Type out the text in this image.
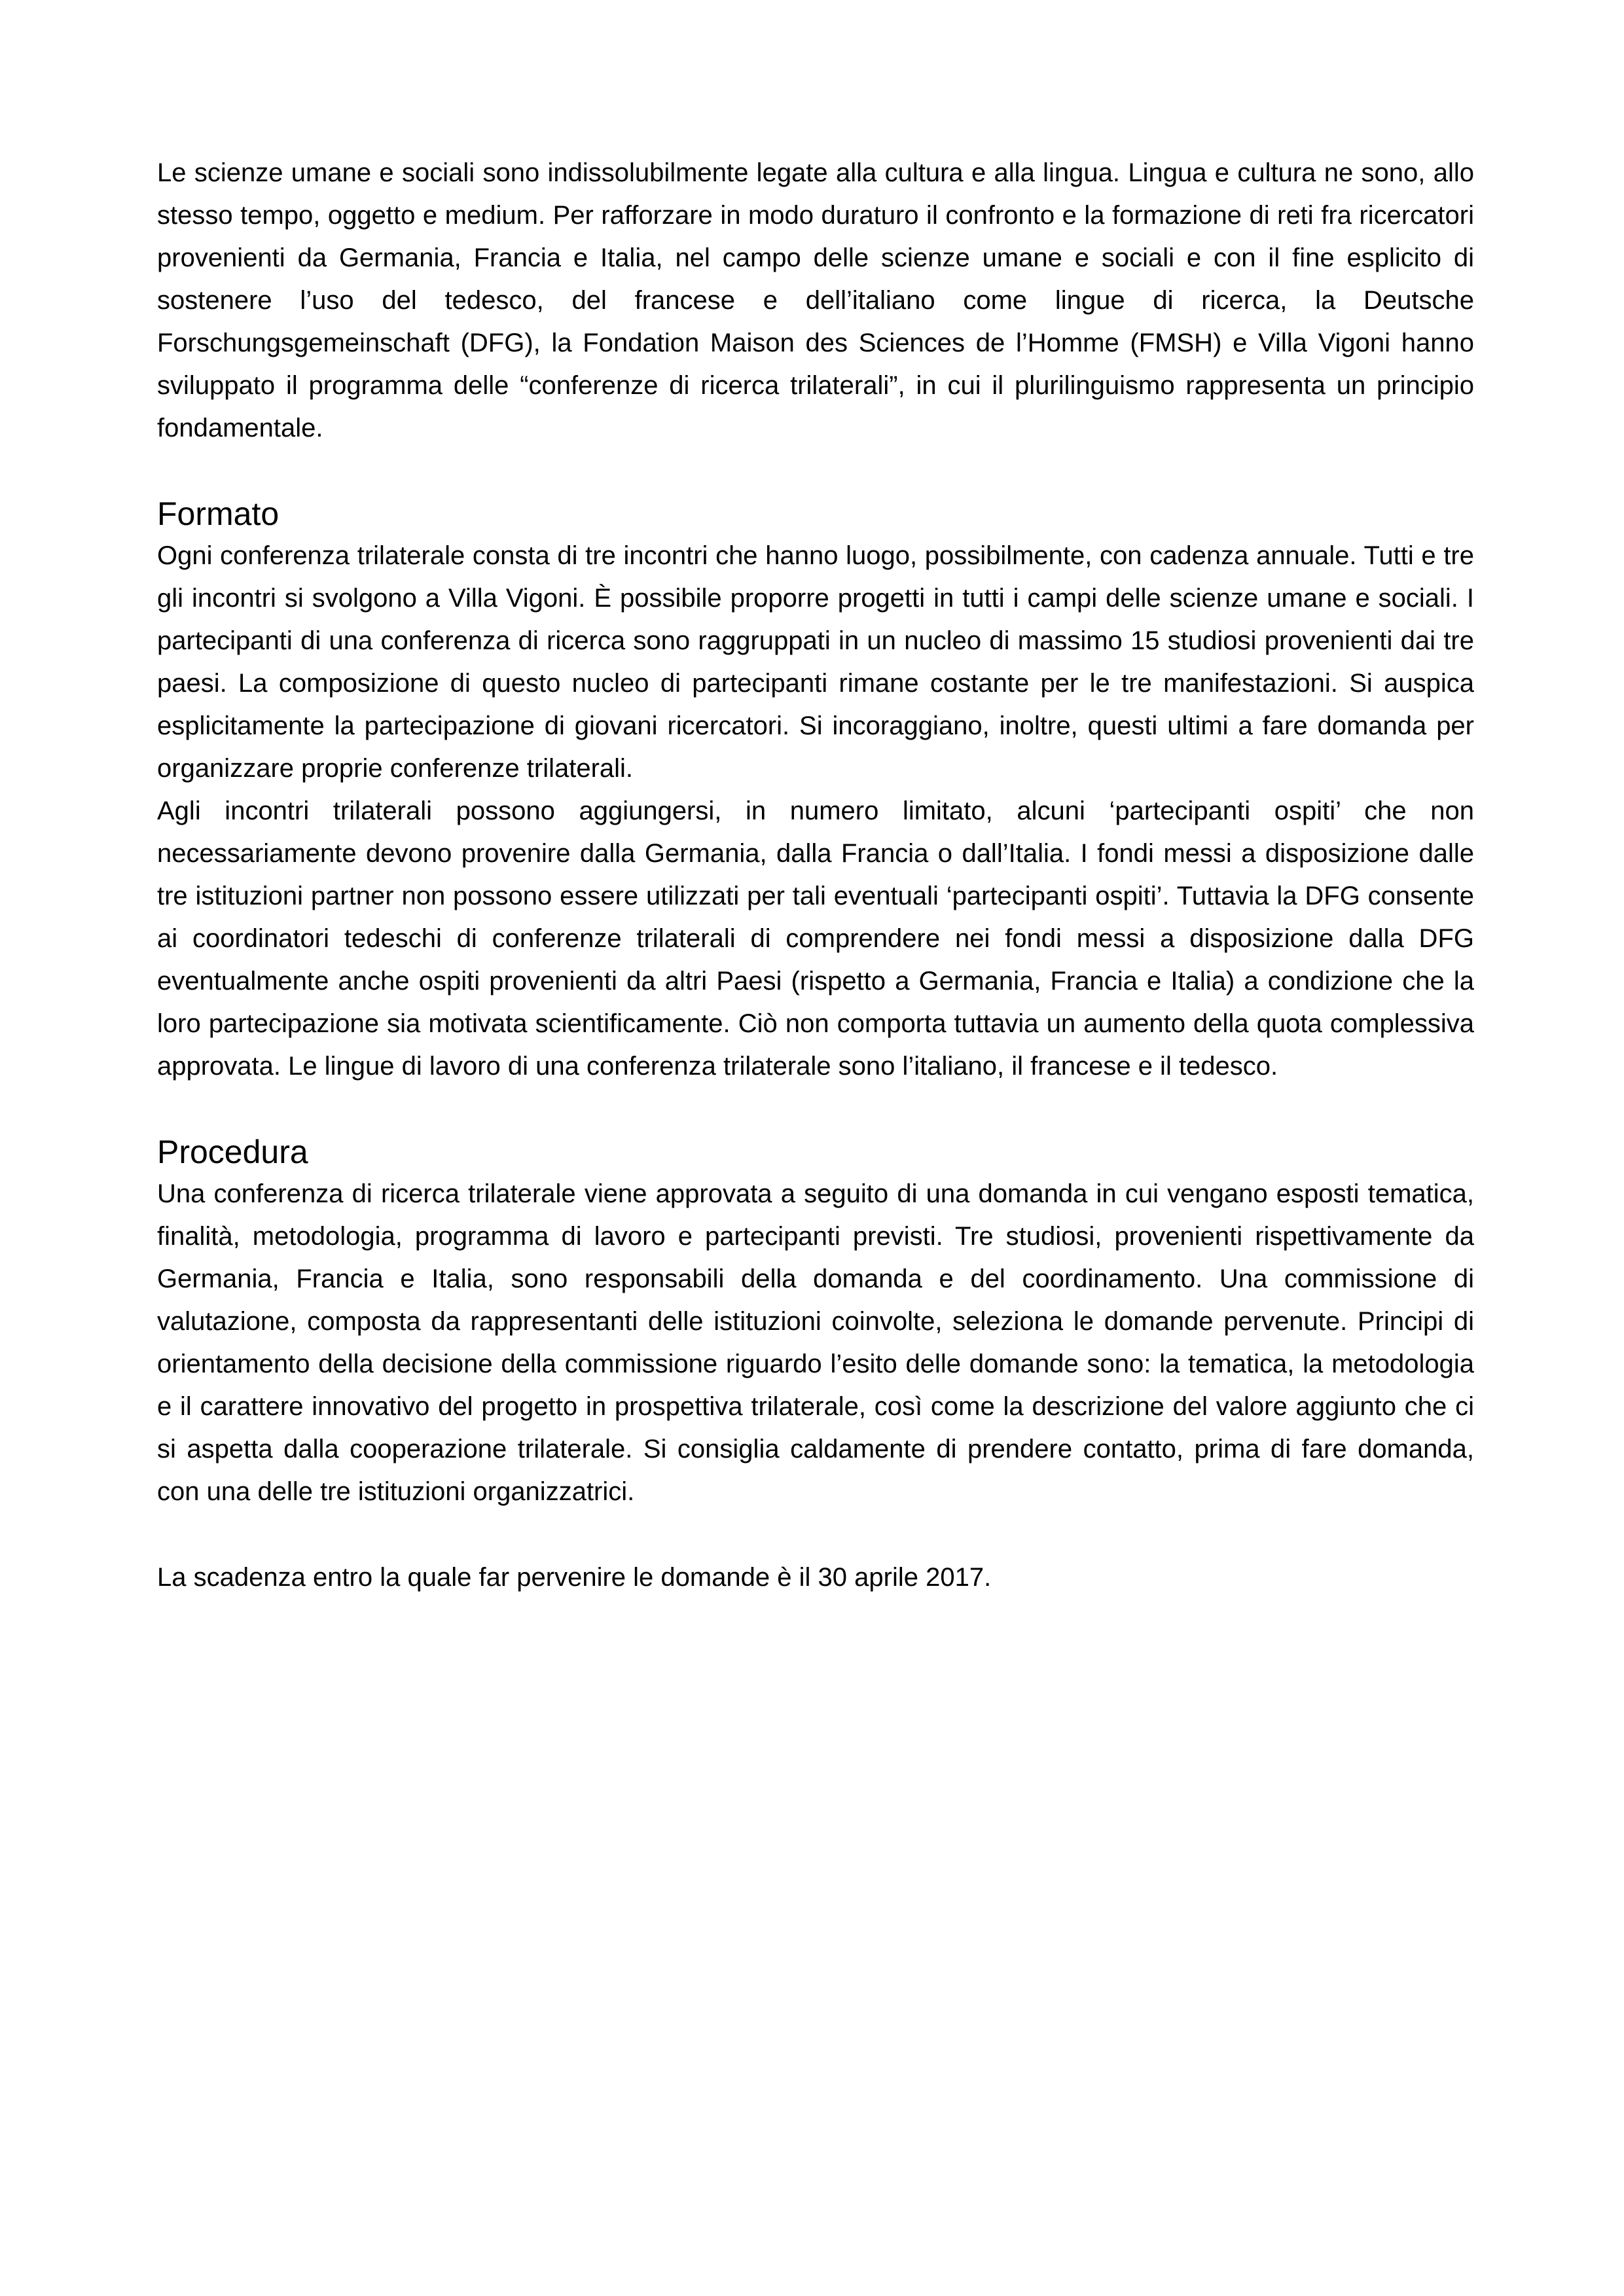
Le scienze umane e sociali sono indissolubilmente legate alla cultura e alla lingua. Lingua e cultura ne sono, allo stesso tempo, oggetto e medium. Per rafforzare in modo duraturo il confronto e la formazione di reti fra ricercatori provenienti da Germania, Francia e Italia, nel campo delle scienze umane e sociali e con il fine esplicito di sostenere l’uso del tedesco, del francese e dell’italiano come lingue di ricerca, la Deutsche Forschungsgemeinschaft (DFG), la Fondation Maison des Sciences de l’Homme (FMSH) e Villa Vigoni hanno sviluppato il programma delle “conferenze di ricerca trilaterali”, in cui il plurilinguismo rappresenta un principio fondamentale.

Formato

Ogni conferenza trilaterale consta di tre incontri che hanno luogo, possibilmente, con cadenza annuale. Tutti e tre gli incontri si svolgono a Villa Vigoni. È possibile proporre progetti in tutti i campi delle scienze umane e sociali. I partecipanti di una conferenza di ricerca sono raggruppati in un nucleo di massimo 15 studiosi provenienti dai tre paesi. La composizione di questo nucleo di partecipanti rimane costante per le tre manifestazioni. Si auspica esplicitamente la partecipazione di giovani ricercatori. Si incoraggiano, inoltre, questi ultimi a fare domanda per organizzare proprie conferenze trilaterali.

Agli incontri trilaterali possono aggiungersi, in numero limitato, alcuni ‘partecipanti ospiti’ che non necessariamente devono provenire dalla Germania, dalla Francia o dall’Italia. I fondi messi a disposizione dalle tre istituzioni partner non possono essere utilizzati per tali eventuali ‘partecipanti ospiti’. Tuttavia la DFG consente ai coordinatori tedeschi di conferenze trilaterali di comprendere nei fondi messi a disposizione dalla DFG eventualmente anche ospiti provenienti da altri Paesi (rispetto a Germania, Francia e Italia) a condizione che la loro partecipazione sia motivata scientificamente. Ciò non comporta tuttavia un aumento della quota complessiva approvata. Le lingue di lavoro di una conferenza trilaterale sono l’italiano, il francese e il tedesco.

Procedura

Una conferenza di ricerca trilaterale viene approvata a seguito di una domanda in cui vengano esposti tematica, finalità, metodologia, programma di lavoro e partecipanti previsti. Tre studiosi, provenienti rispettivamente da Germania, Francia e Italia, sono responsabili della domanda e del coordinamento. Una commissione di valutazione, composta da rappresentanti delle istituzioni coinvolte, seleziona le domande pervenute. Principi di orientamento della decisione della commissione riguardo l’esito delle domande sono: la tematica, la metodologia e il carattere innovativo del progetto in prospettiva trilaterale, così come la descrizione del valore aggiunto che ci si aspetta dalla cooperazione trilaterale. Si consiglia caldamente di prendere contatto, prima di fare domanda, con una delle tre istituzioni organizzatrici.

La scadenza entro la quale far pervenire le domande è il 30 aprile 2017.
